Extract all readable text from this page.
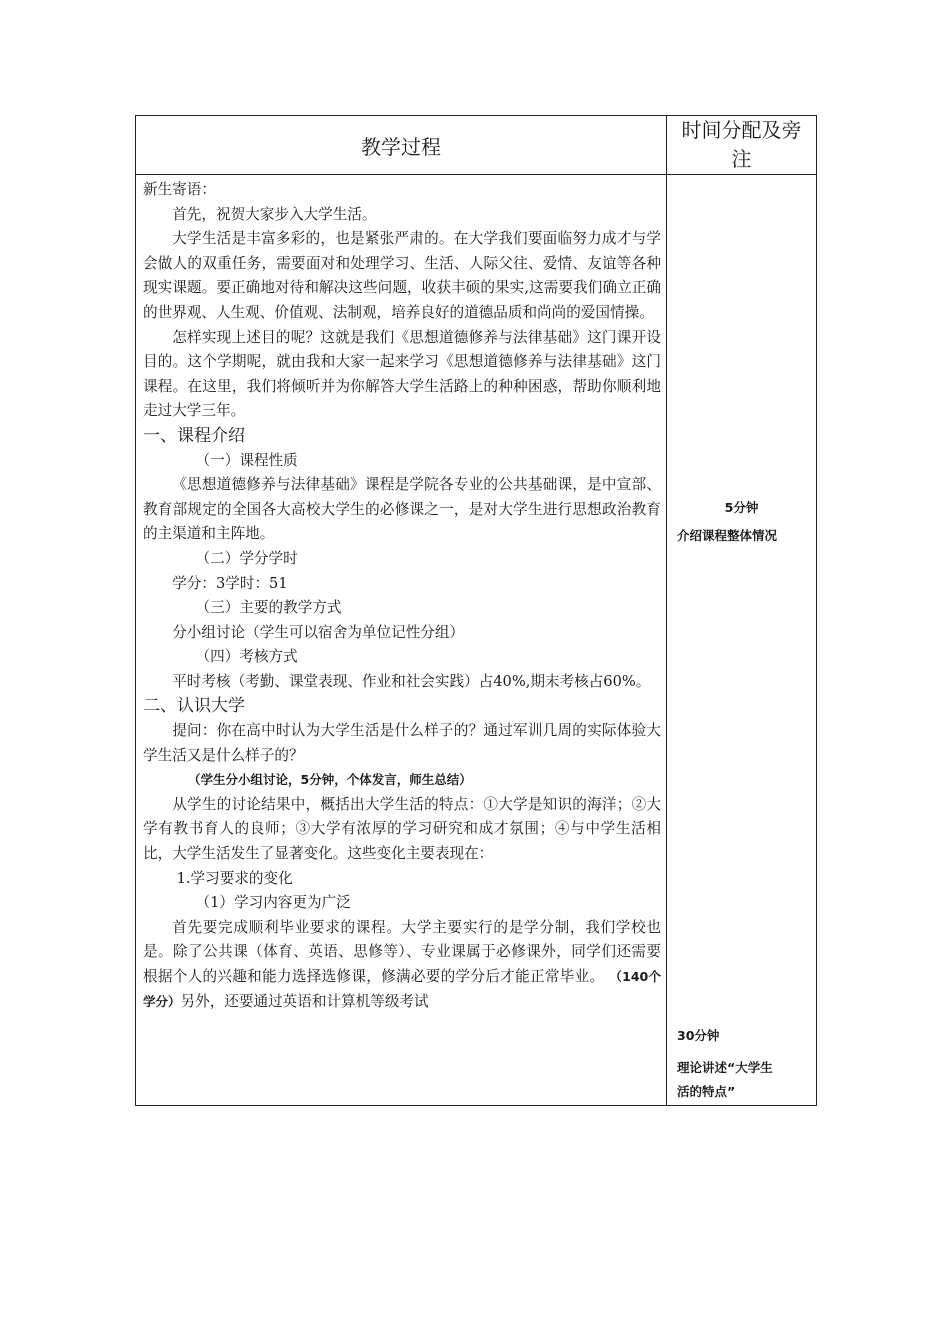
教学过程
时间分配及旁
注

新生寄语：

首先，祝贺大家步入大学生活。

大学生活是丰富多彩的，也是紧张严肃的。在大学我们要面临努力成才与学会做人的双重任务，需要面对和处理学习、生活、人际父往、爱情、友谊等各种现实课题。要正确地对待和解决这些问题，收获丰硕的果实,这需要我们确立正确的世界观、人生观、价值观、法制观，培养良好的道德品质和尚尚的爱国情操。

怎样实现上述目的呢？这就是我们《思想道德修养与法律基础》这门课开设目的。这个学期呢，就由我和大家一起来学习《思想道德修养与法律基础》这门课程。在这里，我们将倾听并为你解答大学生活路上的种种困惑，帮助你顺利地走过大学三年。

一、课程介绍

（一）课程性质

《思想道德修养与法律基础》课程是学院各专业的公共基础课，是中宣部、教育部规定的全国各大高校大学生的必修课之一，是对大学生进行思想政治教育的主渠道和主阵地。

（二）学分学时

学分：3学时：51

（三）主要的教学方式

分小组讨论（学生可以宿舍为单位记性分组）

（四）考核方式

平时考核（考勤、课堂表现、作业和社会实践）占40%,期末考核占60%。

二、认识大学

提问：你在高中时认为大学生活是什么样子的？通过军训几周的实际体验大学生活又是什么样子的？

（学生分小组讨论，5分钟，个体发言，师生总结）

从学生的讨论结果中，概括出大学生活的特点：①大学是知识的海洋；②大学有教书育人的良师；③大学有浓厚的学习研究和成才氛围；④与中学生活相比，大学生活发生了显著变化。这些变化主要表现在：

1.学习要求的变化

（1）学习内容更为广泛

首先要完成顺利毕业要求的课程。大学主要实行的是学分制，我们学校也是。除了公共课（体育、英语、思修等）、专业课属于必修课外，同学们还需要根据个人的兴趣和能力选择选修课，修满必要的学分后才能正常毕业。 （140个学分）另外，还要通过英语和计算机等级考试

5分钟
介绍课程整体情况
30分钟
理论讲述“大学生
活的特点”
